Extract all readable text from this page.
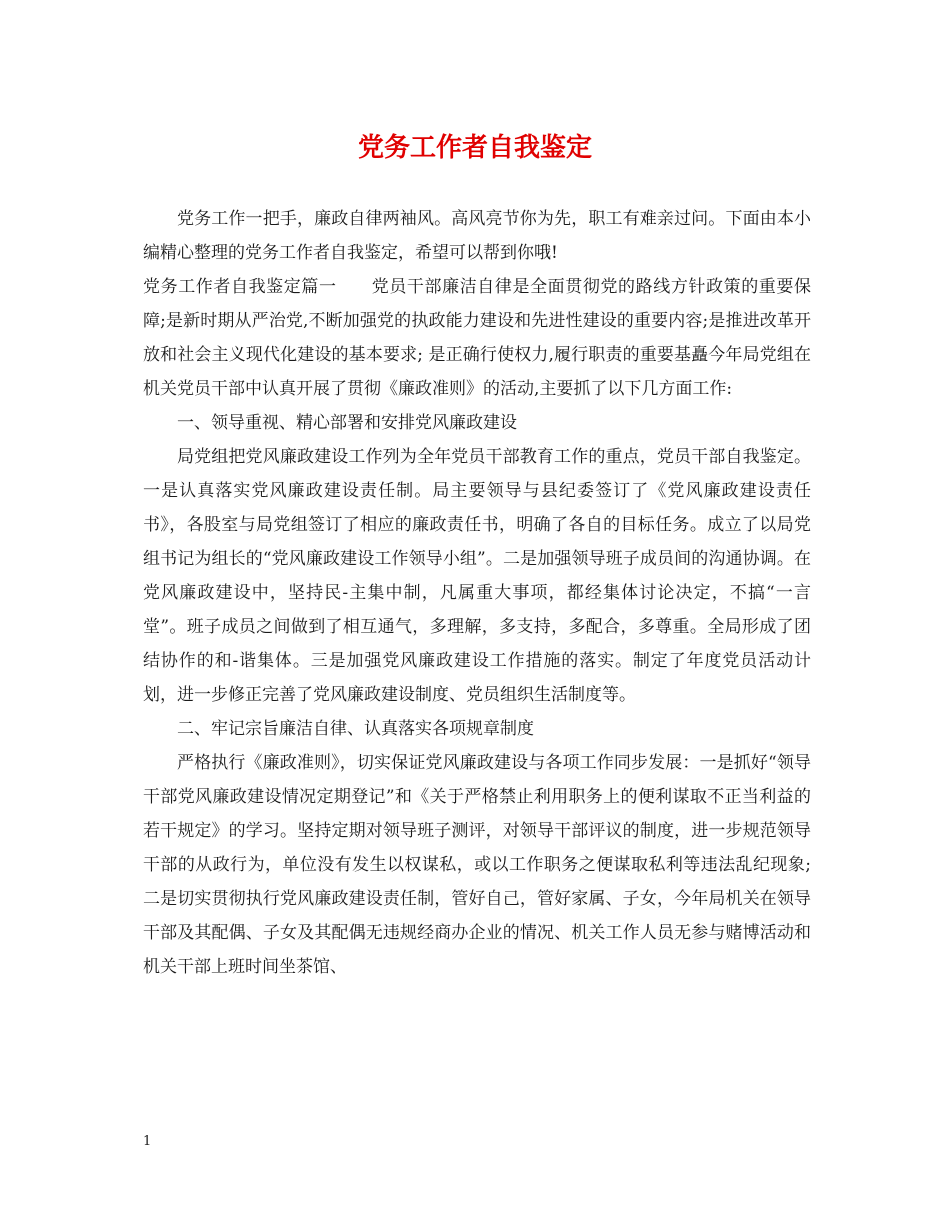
党务工作者自我鉴定

党务工作一把手，廉政自律两袖风。高风亮节你为先，职工有难亲过问。下面由本小编精心整理的党务工作者自我鉴定，希望可以帮到你哦!

党务工作者自我鉴定篇一　　党员干部廉洁自律是全面贯彻党的路线方针政策的重要保障;是新时期从严治党,不断加强党的执政能力建设和先进性建设的重要内容;是推进改革开放和社会主义现代化建设的基本要求; 是正确行使权力,履行职责的重要基矗今年局党组在机关党员干部中认真开展了贯彻《廉政准则》的活动,主要抓了以下几方面工作:

一、领导重视、精心部署和安排党风廉政建设

局党组把党风廉政建设工作列为全年党员干部教育工作的重点，党员干部自我鉴定。一是认真落实党风廉政建设责任制。局主要领导与县纪委签订了《党风廉政建设责任书》，各股室与局党组签订了相应的廉政责任书，明确了各自的目标任务。成立了以局党组书记为组长的“党风廉政建设工作领导小组”。二是加强领导班子成员间的沟通协调。在党风廉政建设中，坚持民-主集中制，凡属重大事项，都经集体讨论决定，不搞“一言堂”。班子成员之间做到了相互通气，多理解，多支持，多配合，多尊重。全局形成了团结协作的和-谐集体。三是加强党风廉政建设工作措施的落实。制定了年度党员活动计划，进一步修正完善了党风廉政建设制度、党员组织生活制度等。

二、牢记宗旨廉洁自律、认真落实各项规章制度

严格执行《廉政准则》，切实保证党风廉政建设与各项工作同步发展：一是抓好“领导干部党风廉政建设情况定期登记”和《关于严格禁止利用职务上的便利谋取不正当利益的若干规定》的学习。坚持定期对领导班子测评，对领导干部评议的制度，进一步规范领导干部的从政行为，单位没有发生以权谋私，或以工作职务之便谋取私利等违法乱纪现象;二是切实贯彻执行党风廉政建设责任制，管好自己，管好家属、子女，今年局机关在领导干部及其配偶、子女及其配偶无违规经商办企业的情况、机关工作人员无参与赌博活动和机关干部上班时间坐茶馆、

1
